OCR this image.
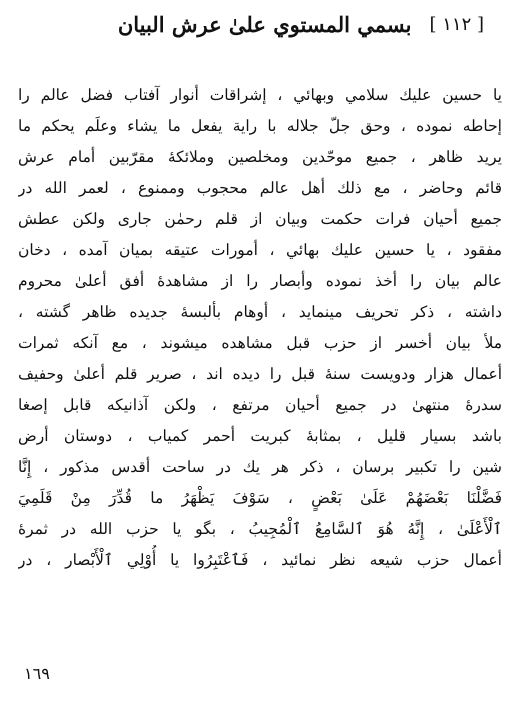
[ ١١٢ ]
بسمي المستوي علىٰ عرش البيان
يا حسين عليك سلامي وبهائي ، إشراقات أنوار آفتاب فضل عالم را
إحاطه نموده ، وحق جلّ جلاله با راية يفعل ما يشاء وعلَم يحكم ما
يريد ظاهر ، جميع موحّدين ومخلصين وملائكهٔ مقرّبين أمام عرش
قائم وحاضر ، مع ذلك أهل عالم محجوب وممنوع ، لعمر الله در
جميع أحيان فرات حكمت وبيان از قلم رحمٰن جارى ولكن عطش
مفقود ، يا حسين عليك بهائي ، أمورات عتيقه بميان آمده ، دخان
عالم بيان را أخذ نموده وأبصار را از مشاهدهٔ أفق أعلىٰ محروم
داشته ، ذكر تحريف مينمايد ، أوهام بألبسهٔ جديده ظاهر گشته ،
ملأ بيان أخسر از حزب قبل مشاهده ميشوند ، مع آنكه ثمرات
أعمال هزار ودويست سنهٔ قبل را ديده اند ، صرير قلم أعلىٰ وحفيف
سدرهٔ منتهىٰ در جميع أحيان مرتفع ، ولكن آذانيكه قابل إصغا
باشد بسيار قليل ، بمثابهٔ كبريت أحمر كمياب ، دوستان أرض
شين را تكبير برسان ، ذكر هر يك در ساحت أقدس مذكور ، إِنَّا
فَضَّلْنَا بَعْضَهُمْ عَلَىٰ بَعْضٍ ، سَوْفَ يَظْهَرُ ما قُدِّرَ مِنْ قَلَمِيَ
ٱلْأَعْلَىٰ ، إِنَّهُ هُوَ ٱلسَّامِعُ ٱلْمُجِيبُ ، بگو يا حزب الله در ثمرهٔ
أعمال حزب شيعه نظر نمائيد ، فَٱعْتَبِرُوا يا أُوْلِي ٱلْأَبْصار ، در
١٦٩
